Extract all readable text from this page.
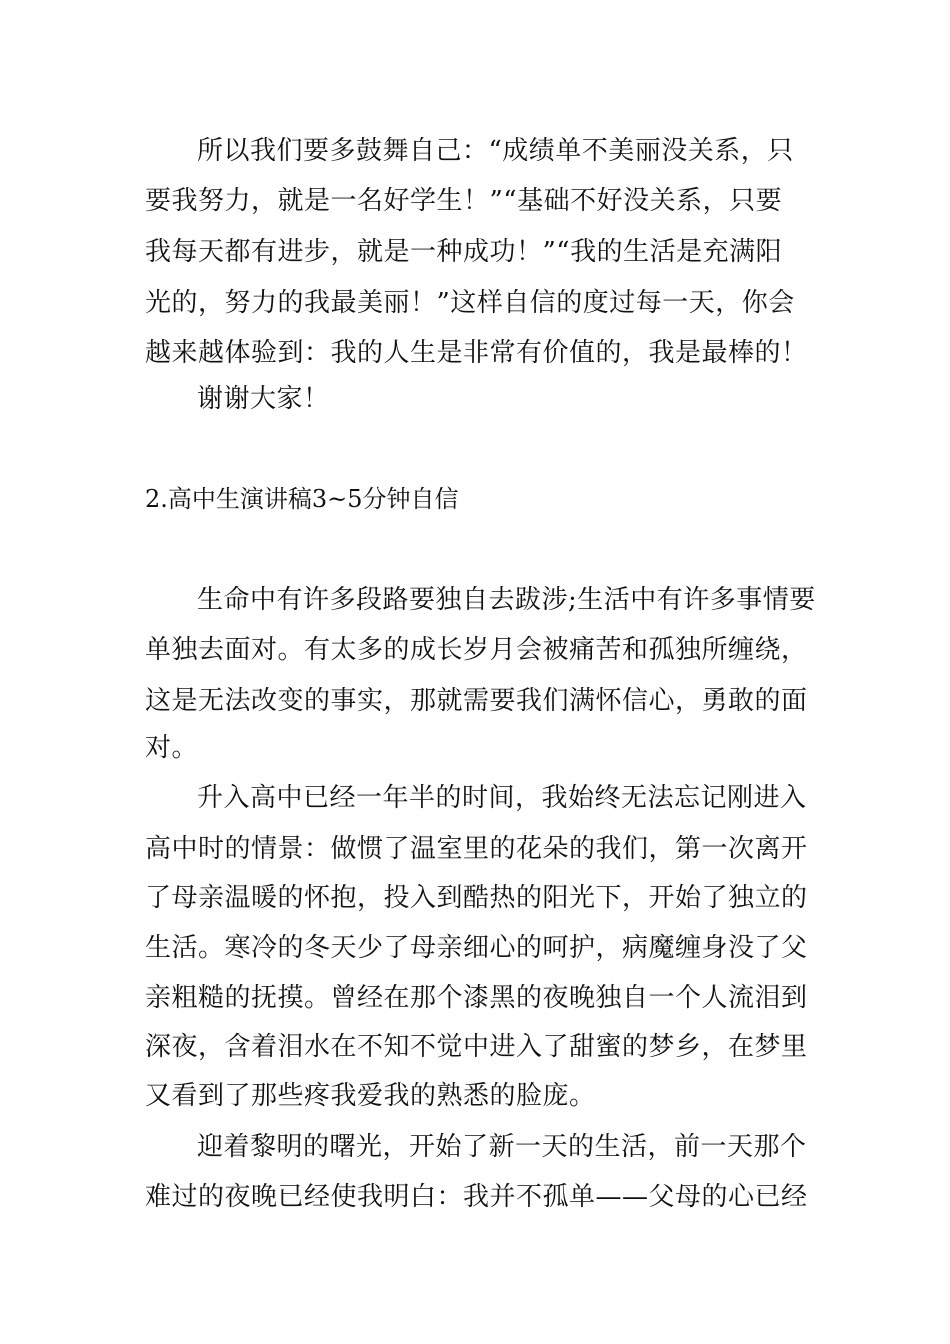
所以我们要多鼓舞自己：“成绩单不美丽没关系，只
要我努力，就是一名好学生！”“基础不好没关系，只要
我每天都有进步，就是一种成功！”“我的生活是充满阳
光的，努力的我最美丽！”这样自信的度过每一天，你会
越来越体验到：我的人生是非常有价值的，我是最棒的！
谢谢大家！
2.高中生演讲稿3~5分钟自信
生命中有许多段路要独自去跋涉;生活中有许多事情要
单独去面对。有太多的成长岁月会被痛苦和孤独所缠绕，
这是无法改变的事实，那就需要我们满怀信心，勇敢的面
对。
升入高中已经一年半的时间，我始终无法忘记刚进入
高中时的情景：做惯了温室里的花朵的我们，第一次离开
了母亲温暖的怀抱，投入到酷热的阳光下，开始了独立的
生活。寒冷的冬天少了母亲细心的呵护，病魔缠身没了父
亲粗糙的抚摸。曾经在那个漆黑的夜晚独自一个人流泪到
深夜，含着泪水在不知不觉中进入了甜蜜的梦乡，在梦里
又看到了那些疼我爱我的熟悉的脸庞。
迎着黎明的曙光，开始了新一天的生活，前一天那个
难过的夜晚已经使我明白：我并不孤单——父母的心已经
